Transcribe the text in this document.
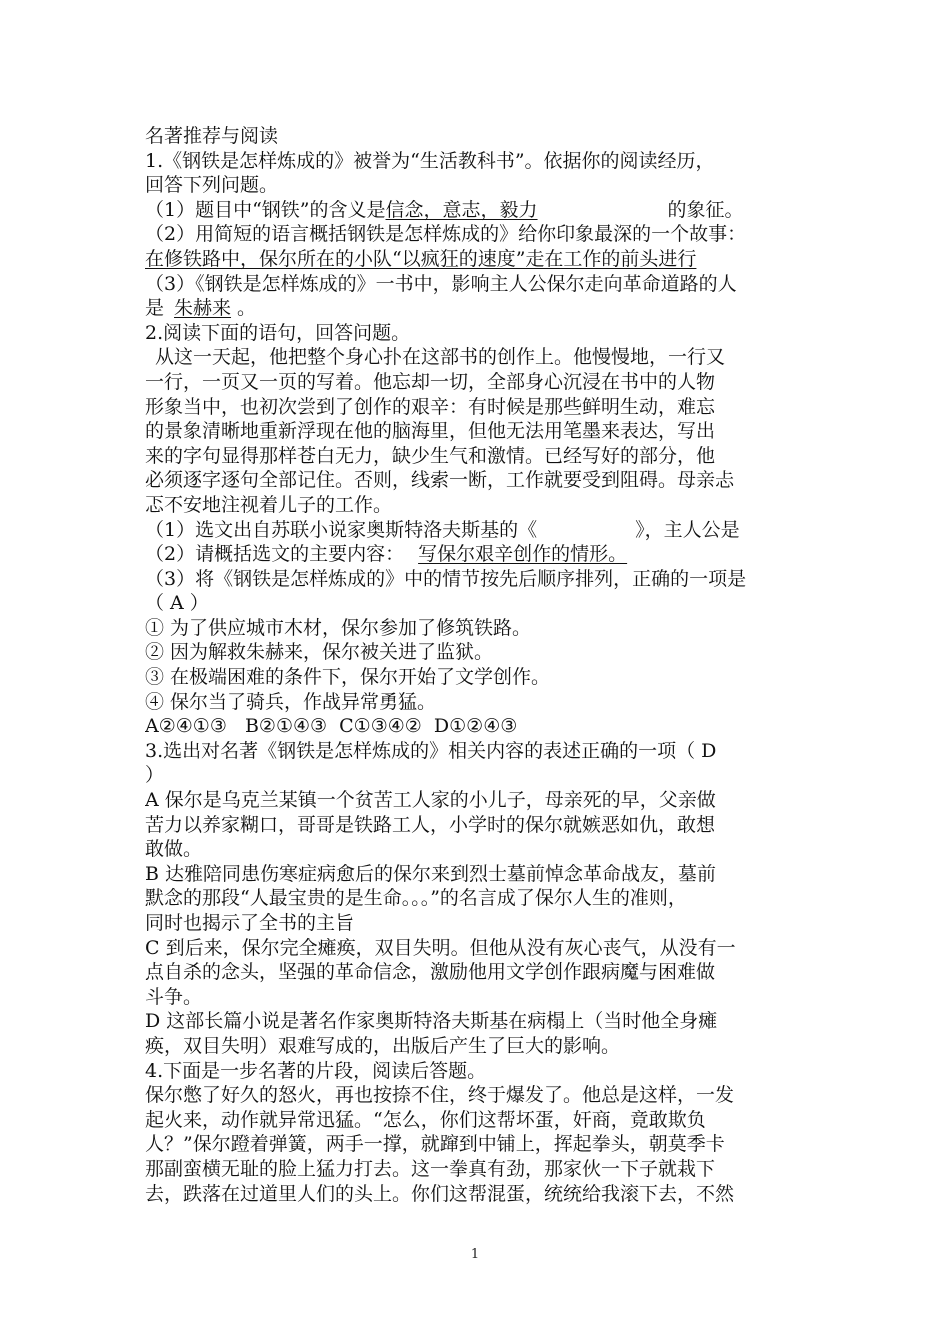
名著推荐与阅读
1.《钢铁是怎样炼成的》被誉为“生活教科书”。依据你的阅读经历，
回答下列问题。
（1）题目中“钢铁”的含义是信念，意志，毅力	的象征。
（2）用简短的语言概括钢铁是怎样炼成的》给你印象最深的一个故事：
在修铁路中，保尔所在的小队“以疯狂的速度”走在工作的前头进行
（3）《钢铁是怎样炼成的》一书中，影响主人公保尔走向革命道路的人
是 朱赫来 。
2.阅读下面的语句，回答问题。
从这一天起，他把整个身心扑在这部书的创作上。他慢慢地，一行又
一行，一页又一页的写着。他忘却一切，全部身心沉浸在书中的人物
形象当中，也初次尝到了创作的艰辛：有时候是那些鲜明生动，难忘
的景象清晰地重新浮现在他的脑海里，但他无法用笔墨来表达，写出
来的字句显得那样苍白无力，缺少生气和激情。已经写好的部分，他
必须逐字逐句全部记住。否则，线索一断，工作就要受到阻碍。母亲忐
忑不安地注视着儿子的工作。
（1）选文出自苏联小说家奥斯特洛夫斯基的《	》，主人公是
（2）请概括选文的主要内容： 写保尔艰辛创作的情形。
（3）将《钢铁是怎样炼成的》中的情节按先后顺序排列，正确的一项是
（ A ）
① 为了供应城市木材，保尔参加了修筑铁路。
② 因为解救朱赫来，保尔被关进了监狱。
③ 在极端困难的条件下，保尔开始了文学创作。
④ 保尔当了骑兵，作战异常勇猛。
A②④①③   B②①④③  C①③④②  D①②④③
3.选出对名著《钢铁是怎样炼成的》相关内容的表述正确的一项（ D
）
A 保尔是乌克兰某镇一个贫苦工人家的小儿子，母亲死的早，父亲做
苦力以养家糊口，哥哥是铁路工人，小学时的保尔就嫉恶如仇，敢想
敢做。
B 达雅陪同患伤寒症病愈后的保尔来到烈士墓前悼念革命战友，墓前
默念的那段“人最宝贵的是生命。。。”的名言成了保尔人生的准则，
同时也揭示了全书的主旨
C 到后来，保尔完全瘫痪，双目失明。但他从没有灰心丧气，从没有一
点自杀的念头，坚强的革命信念，激励他用文学创作跟病魔与困难做
斗争。
D 这部长篇小说是著名作家奥斯特洛夫斯基在病榻上（当时他全身瘫
痪，双目失明）艰难写成的，出版后产生了巨大的影响。
4.下面是一步名著的片段，阅读后答题。
保尔憋了好久的怒火，再也按捺不住，终于爆发了。他总是这样，一发
起火来，动作就异常迅猛。“怎么，你们这帮坏蛋，奸商，竟敢欺负
人？”保尔蹬着弹簧，两手一撑，就蹿到中铺上，挥起拳头，朝莫季卡
那副蛮横无耻的脸上猛力打去。这一拳真有劲，那家伙一下子就栽下
去，跌落在过道里人们的头上。你们这帮混蛋，统统给我滚下去，不然
1
